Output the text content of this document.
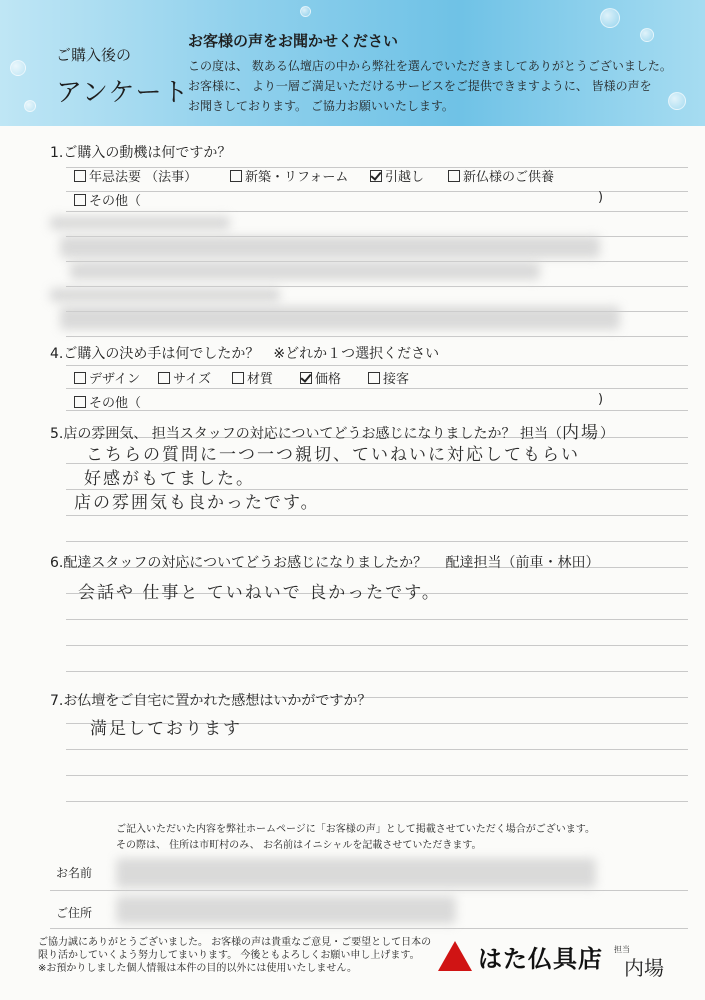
ご購入後の
アンケート
お客様の声をお聞かせください

この度は、 数ある仏壇店の中から弊社を選んでいただきましてありがとうございました。
お客様に、 より一層ご満足いただけるサービスをご提供できますように、 皆様の声を
お聞きしております。 ご協力お願いいたします。

1.ご購入の動機は何ですか？
年忌法要 （法事）	新築・リフォーム	引越し	新仏様のご供養
その他（	)
4.ご購入の決め手は何でしたか？　※どれか１つ選択ください
デザイン	サイズ	材質	価格	接客
その他（	)
5.店の雰囲気、 担当スタッフの対応についてどうお感じになりましたか？ 担当（内場）
こちらの質問に一つ一つ親切、ていねいに対応してもらい
好感がもてました。
店の雰囲気も良かったです。
6.配達スタッフの対応についてどうお感じになりましたか？　 配達担当（前車・林田）
会話や 仕事と ていねいで 良かったです。
7.お仏壇をご自宅に置かれた感想はいかがですか？
満足しております

ご記入いただいた内容を弊社ホームページに「お客様の声」として掲載させていただく場合がございます。
その際は、 住所は市町村のみ、 お名前はイニシャルを記載させていただきます。

お名前
ご住所

ご協力誠にありがとうございました。 お客様の声は貴重なご意見・ご要望として日本の
限り活かしていくよう努力してまいります。 今後ともよろしくお願い申し上げます。
※お預かりしました個人情報は本件の目的以外には使用いたしません。	はた仏具店 担当
内場
